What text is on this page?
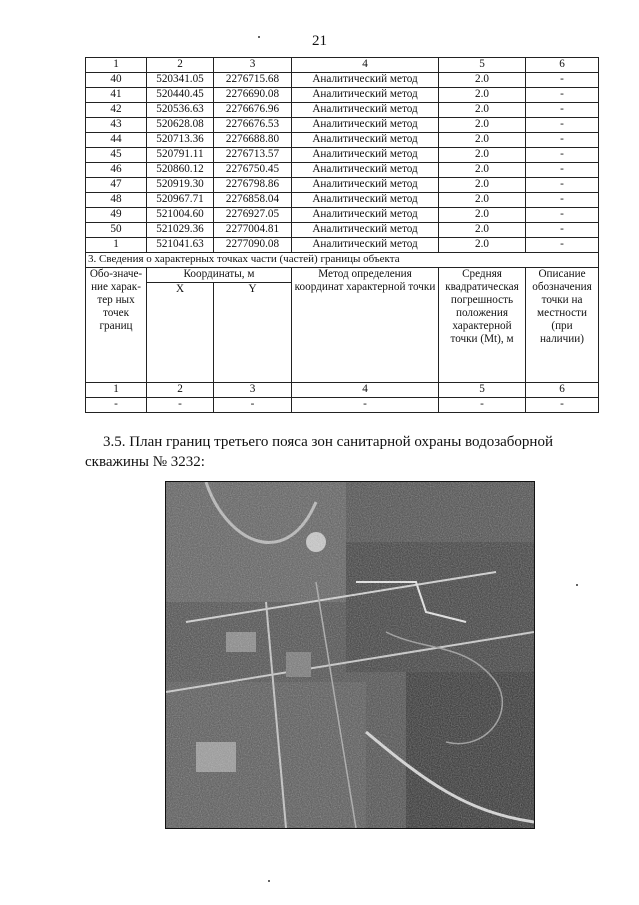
21
1	2	3	4	5	6
40	520341.05	2276715.68	Аналитический метод	2.0	-
41	520440.45	2276690.08	Аналитический метод	2.0	-
42	520536.63	2276676.96	Аналитический метод	2.0	-
43	520628.08	2276676.53	Аналитический метод	2.0	-
44	520713.36	2276688.80	Аналитический метод	2.0	-
45	520791.11	2276713.57	Аналитический метод	2.0	-
46	520860.12	2276750.45	Аналитический метод	2.0	-
47	520919.30	2276798.86	Аналитический метод	2.0	-
48	520967.71	2276858.04	Аналитический метод	2.0	-
49	521004.60	2276927.05	Аналитический метод	2.0	-
50	521029.36	2277004.81	Аналитический метод	2.0	-
1	521041.63	2277090.08	Аналитический метод	2.0	-
3. Сведения о характерных точках части (частей) границы объекта					
Обо-значе-ние харак-тер ных точек границ	Координаты, м		Метод определения координат характерной точки	Средняя квадратическая погрешность положения характерной точки (Mt), м	Описание обозначения точки на местности (при наличии)
	X	Y			
1	2	3	4	5	6
-	-	-	-	-	-
3.5. План границ третьего пояса зон санитарной охраны водозаборной
скважины № 3232:
